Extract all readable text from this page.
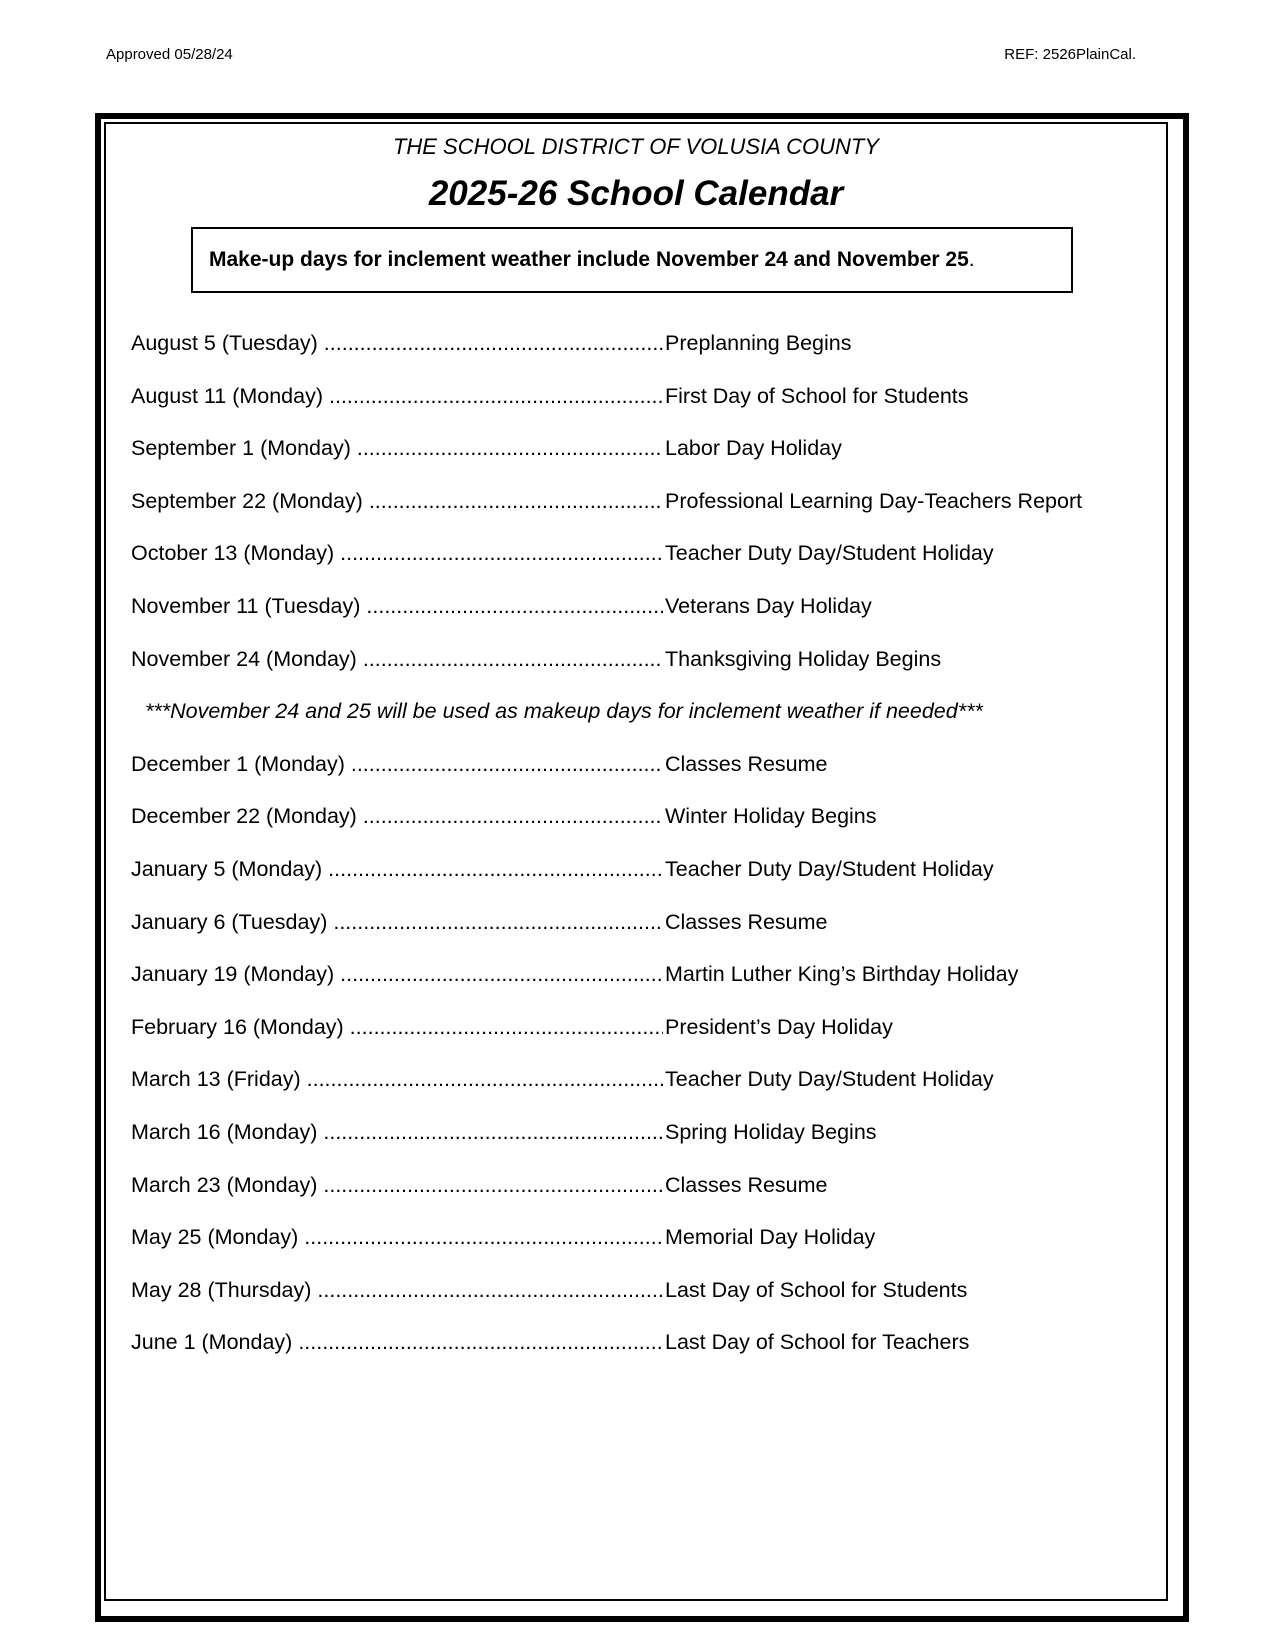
Approved 05/28/24	REF: 2526PlainCal.
THE SCHOOL DISTRICT OF VOLUSIA COUNTY
2025-26 School Calendar
Make-up days for inclement weather include November 24 and November 25 .
August 5 (Tuesday) .....	Preplanning Begins
August 11 (Monday) .....	First Day of School for Students
September 1 (Monday) .....	Labor Day Holiday
September 22 (Monday) .....	Professional Learning Day-Teachers Report
October 13 (Monday) .....	Teacher Duty Day/Student Holiday
November 11 (Tuesday) .....	Veterans Day Holiday
November 24 (Monday) .....	Thanksgiving Holiday Begins
***November 24 and 25 will be used as makeup days for inclement weather if needed***
December 1 (Monday) .....	Classes Resume
December 22 (Monday) .....	Winter Holiday Begins
January 5 (Monday) .....	Teacher Duty Day/Student Holiday
January 6 (Tuesday) .....	Classes Resume
January 19 (Monday) .....	Martin Luther King’s Birthday Holiday
February 16 (Monday) .....	President’s Day Holiday
March 13 (Friday) .....	Teacher Duty Day/Student Holiday
March 16 (Monday) .....	Spring Holiday Begins
March 23 (Monday) .....	Classes Resume
May 25 (Monday) .....	Memorial Day Holiday
May 28 (Thursday) .....	Last Day of School for Students
June 1 (Monday) .....	Last Day of School for Teachers
